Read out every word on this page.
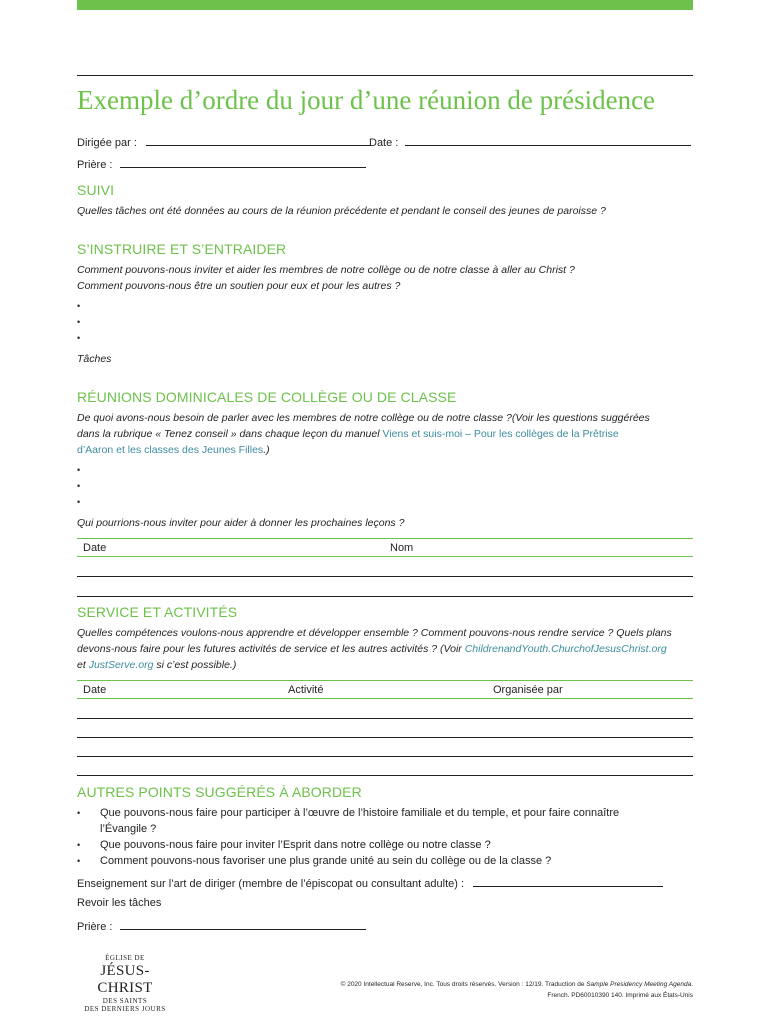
Exemple d’ordre du jour d’une réunion de présidence
Dirigée par :	Date :
Prière :
SUIVI
Quelles tâches ont été données au cours de la réunion précédente et pendant le conseil des jeunes de paroisse ?
S’INSTRUIRE ET S’ENTRAIDER
Comment pouvons-nous inviter et aider les membres de notre collège ou de notre classe à aller au Christ ?
Comment pouvons-nous être un soutien pour eux et pour les autres ?
•
•
•
Tâches
RÉUNIONS DOMINICALES DE COLLÈGE OU DE CLASSE
De quoi avons-nous besoin de parler avec les membres de notre collège ou de notre classe ?(Voir les questions suggérées
dans la rubrique « Tenez conseil » dans chaque leçon du manuel Viens et suis-moi – Pour les collèges de la Prêtrise
d’Aaron et les classes des Jeunes Filles.)
•
•
•
Qui pourrions-nous inviter pour aider à donner les prochaines leçons ?
Date	Nom
SERVICE ET ACTIVITÉS
Quelles compétences voulons-nous apprendre et développer ensemble ? Comment pouvons-nous rendre service ? Quels plans
devons-nous faire pour les futures activités de service et les autres activités ? (Voir ChildrenandYouth.ChurchofJesusChrist.org
et JustServe.org si c’est possible.)
Date	Activité	Organisée par
AUTRES POINTS SUGGÉRÉS À ABORDER
• Que pouvons-nous faire pour participer à l’œuvre de l’histoire familiale et du temple, et pour faire connaître
l’Évangile ?
• Que pouvons-nous faire pour inviter l’Esprit dans notre collège ou notre classe ?
• Comment pouvons-nous favoriser une plus grande unité au sein du collège ou de la classe ?
Enseignement sur l’art de diriger (membre de l’épiscopat ou consultant adulte) :
Revoir les tâches
Prière :
ÉGLISE DE
JÉSUS-CHRIST
DES SAINTS
DES DERNIERS JOURS
© 2020 Intellectual Reserve, Inc. Tous droits réservés. Version : 12/19. Traduction de Sample Presidency Meeting Agenda.
French. PD60010390 140. Imprimé aux États-Unis
